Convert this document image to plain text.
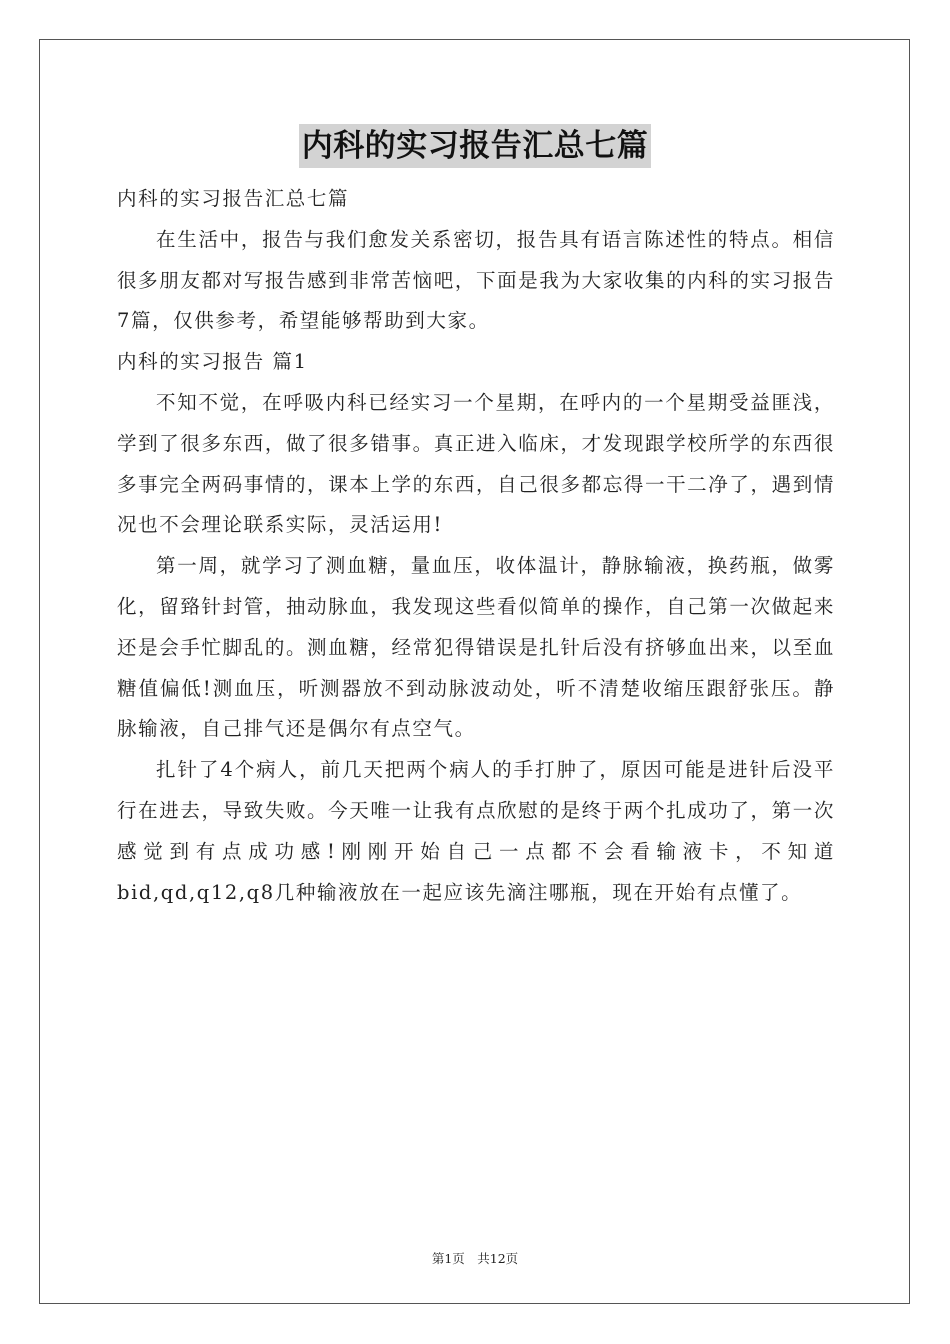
内科的实习报告汇总七篇

内科的实习报告汇总七篇

在生活中，报告与我们愈发关系密切，报告具有语言陈述性的特点。相信很多朋友都对写报告感到非常苦恼吧，下面是我为大家收集的内科的实习报告7篇，仅供参考，希望能够帮助到大家。

内科的实习报告 篇1

不知不觉，在呼吸内科已经实习一个星期，在呼内的一个星期受益匪浅，学到了很多东西，做了很多错事。真正进入临床，才发现跟学校所学的东西很多事完全两码事情的，课本上学的东西，自己很多都忘得一干二净了，遇到情况也不会理论联系实际，灵活运用!

第一周，就学习了测血糖，量血压，收体温计，静脉输液，换药瓶，做雾化，留臵针封管，抽动脉血，我发现这些看似简单的操作，自己第一次做起来还是会手忙脚乱的。测血糖，经常犯得错误是扎针后没有挤够血出来，以至血糖值偏低!测血压，听测器放不到动脉波动处，听不清楚收缩压跟舒张压。静脉输液，自己排气还是偶尔有点空气。

扎针了4个病人，前几天把两个病人的手打肿了，原因可能是进针后没平行在进去，导致失败。今天唯一让我有点欣慰的是终于两个扎成功了，第一次感觉到有点成功感!刚刚开始自己一点都不会看输液卡，不知道bid,qd,q12,q8几种输液放在一起应该先滴注哪瓶，现在开始有点懂了。

第1页　共12页
